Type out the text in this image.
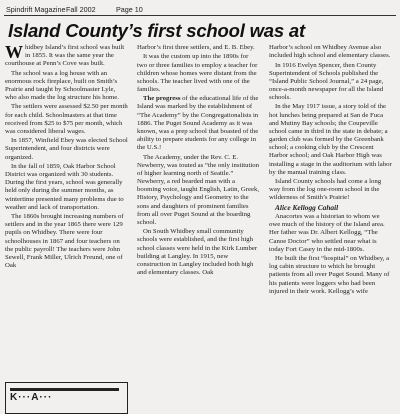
Spindrift Magazine Fall 2002	Page 10
Island County’s first school was at

Whidbey Island’s first school was built in 1855. It was the same year the courthouse at Penn’s Cove was built.

The school was a log house with an enormous rock fireplace, built on Smith’s Prairie and taught by Schoolmaster Lyle, who also made the log structure his home.

The settlers were assessed $2.50 per month for each child. Schoolmasters at that time received from $25 to $75 per month, which was considered liberal wages.

In 1857, Winfield Ebey was elected School Superintendent, and four districts were organized.

In the fall of 1859, Oak Harbor School District was organized with 30 students. During the first years, school was generally held only during the summer months, as wintertime presented many problems due to weather and lack of transportation.

The 1860s brought increasing numbers of settlers and in the year 1865 there were 129 pupils on Whidbey. There were four schoolhouses in 1867 and four teachers on the public payroll! The teachers were John Sewell, Frank Miller, Ulrich Freund, one of Oak

Harbor’s first three settlers, and E. B. Ebey.

It was the custom up into the 1890s for two or three families to employ a teacher for children whose homes were distant from the schools. The teacher lived with one of the families.

The progress of the educational life of the Island was marked by the establishment of “The Academy” by the Congregationalists in 1886. The Puget Sound Academy as it was known, was a prep school that boasted of the ability to prepare students for any college in the U.S.!

The Academy, under the Rev. C. E. Newberry, was touted as “the only institution of higher learning north of Seattle.” Newberry, a red bearded man with a booming voice, taught English, Latin, Greek, History, Psychology and Geometry to the sons and daughters of prominent families from all over Puget Sound at the boarding school.

On South Whidbey small community schools were established, and the first high school classes were held in the Kirk Lumber building at Langley. In 1915, new construction in Langley included both high and elementary classes. Oak

Harbor’s school on Whidbey Avenue also included high school and elementary classes.

In 1916 Evelyn Spencer, then County Superintendent of Schools published the “Island Public School Journal,” a 24 page, once-a-month newspaper for all the Island schools.

In the May 1917 issue, a story told of the hot lunches being prepared at San de Fuca and Mutiny Bay schools; the Coupeville school came in third in the state in debate; a garden club was formed by the Greenbank school; a cooking club by the Crescent Harbor school; and Oak Harbor High was installing a stage in the auditorium with labor by the manual training class.

Island County schools had come a long way from the log one-room school in the wilderness of Smith’s Prairie!

Alice Kellogg Cahail

Anacortes was a historian to whom we owe much of the history of the Island area. Her father was Dr. Albert Kellogg, “The Canoe Doctor” who settled near what is today Fort Casey in the mid-1800s.

He built the first “hospital” on Whidbey, a log cabin structure to which he brought patients from all over Puget Sound. Many of his patients were loggers who had been injured in their work. Kellogg’s wife

K···A···
